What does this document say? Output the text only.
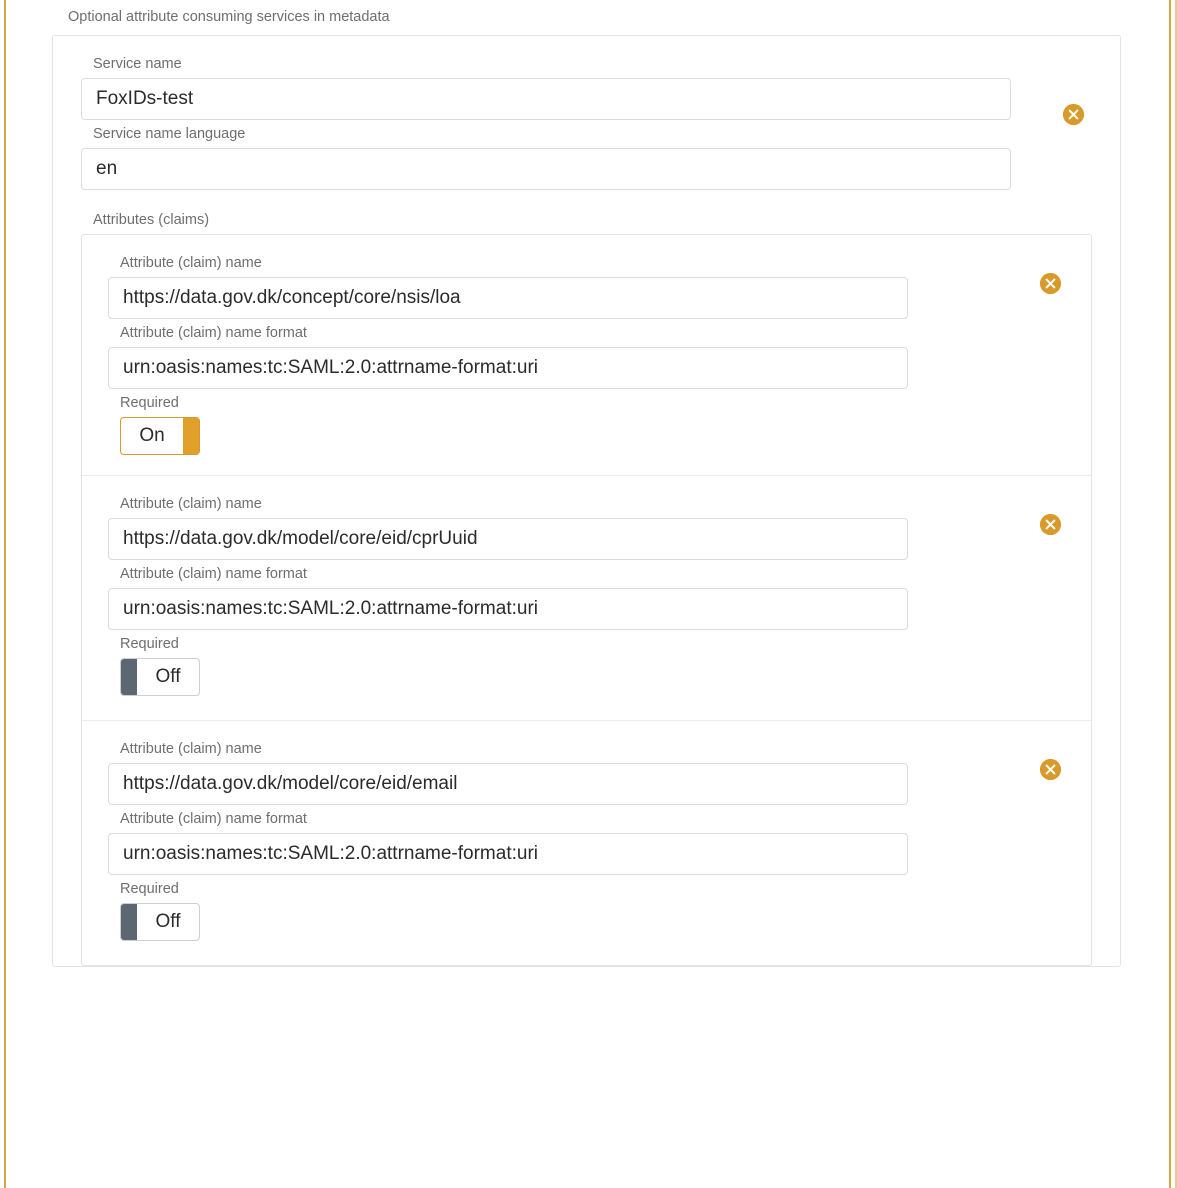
Optional attribute consuming services in metadata
Service name
FoxIDs-test
Service name language
en
Attributes (claims)
Attribute (claim) name
https://data.gov.dk/concept/core/nsis/loa
Attribute (claim) name format
urn:oasis:names:tc:SAML:2.0:attrname-format:uri
Required
On
Attribute (claim) name
https://data.gov.dk/model/core/eid/cprUuid
Attribute (claim) name format
urn:oasis:names:tc:SAML:2.0:attrname-format:uri
Required
Off
Attribute (claim) name
https://data.gov.dk/model/core/eid/email
Attribute (claim) name format
urn:oasis:names:tc:SAML:2.0:attrname-format:uri
Required
Off
